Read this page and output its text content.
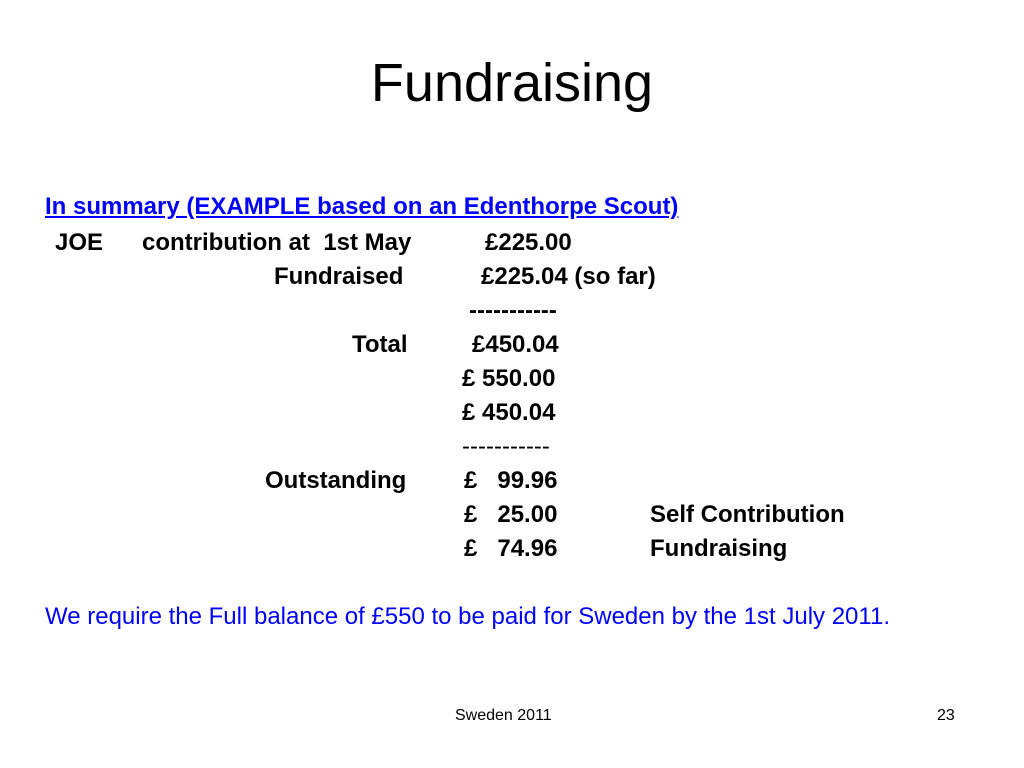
Fundraising
In summary (EXAMPLE based on an Edenthorpe Scout)
JOE contribution at  1st May	£225.00
Fundraised	£225.04 (so far)
-----------
Total	£450.04
£ 550.00
£ 450.04
-----------
Outstanding £   99.96
£   25.00	Self Contribution
£   74.96	Fundraising
We require the Full balance of £550 to be paid for Sweden by the 1st July 2011.
Sweden 2011	23
